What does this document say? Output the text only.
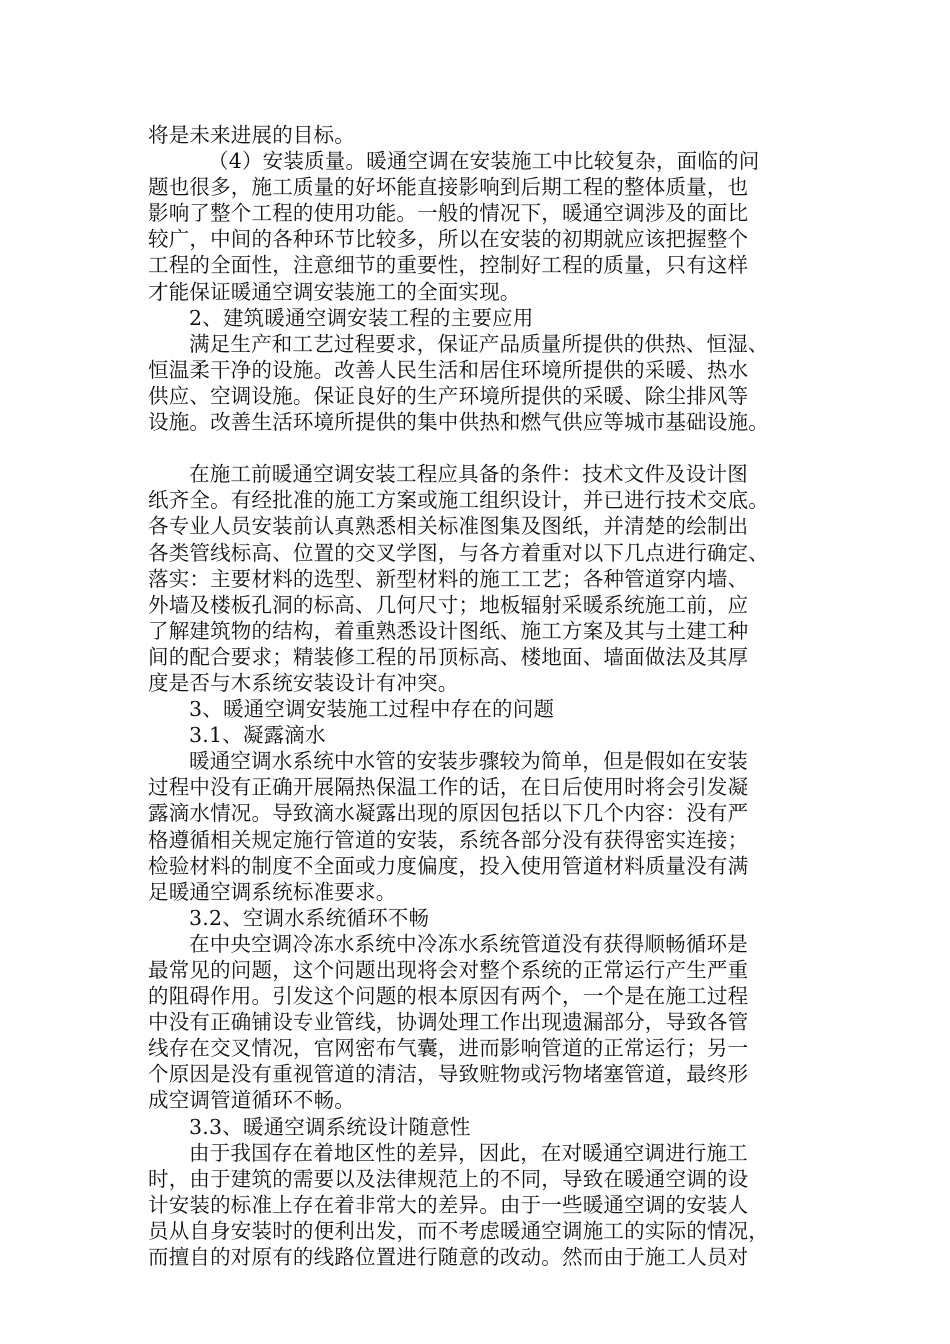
将是未来进展的目标。
（4）安装质量。暖通空调在安装施工中比较复杂，面临的问
题也很多，施工质量的好坏能直接影响到后期工程的整体质量，也
影响了整个工程的使用功能。一般的情况下，暖通空调涉及的面比
较广，中间的各种环节比较多，所以在安装的初期就应该把握整个
工程的全面性，注意细节的重要性，控制好工程的质量，只有这样
才能保证暖通空调安装施工的全面实现。
2、建筑暖通空调安装工程的主要应用
满足生产和工艺过程要求，保证产品质量所提供的供热、恒湿、
恒温柔干净的设施。改善人民生活和居住环境所提供的采暖、热水
供应、空调设施。保证良好的生产环境所提供的采暖、除尘排风等
设施。改善生活环境所提供的集中供热和燃气供应等城市基础设施。
在施工前暖通空调安装工程应具备的条件：技术文件及设计图
纸齐全。有经批准的施工方案或施工组织设计，并已进行技术交底。
各专业人员安装前认真熟悉相关标准图集及图纸，并清楚的绘制出
各类管线标高、位置的交叉学图，与各方着重对以下几点进行确定、
落实：主要材料的选型、新型材料的施工工艺；各种管道穿内墙、
外墙及楼板孔洞的标高、几何尺寸；地板辐射采暖系统施工前，应
了解建筑物的结构，着重熟悉设计图纸、施工方案及其与土建工种
间的配合要求；精装修工程的吊顶标高、楼地面、墙面做法及其厚
度是否与木系统安装设计有冲突。
3、暖通空调安装施工过程中存在的问题
3.1、凝露滴水
暖通空调水系统中水管的安装步骤较为简单，但是假如在安装
过程中没有正确开展隔热保温工作的话，在日后使用时将会引发凝
露滴水情况。导致滴水凝露出现的原因包括以下几个内容：没有严
格遵循相关规定施行管道的安装，系统各部分没有获得密实连接；
检验材料的制度不全面或力度偏度，投入使用管道材料质量没有满
足暖通空调系统标准要求。
3.2、空调水系统循环不畅
在中央空调冷冻水系统中冷冻水系统管道没有获得顺畅循环是
最常见的问题，这个问题出现将会对整个系统的正常运行产生严重
的阻碍作用。引发这个问题的根本原因有两个，一个是在施工过程
中没有正确铺设专业管线，协调处理工作出现遗漏部分，导致各管
线存在交叉情况，官网密布气囊，进而影响管道的正常运行；另一
个原因是没有重视管道的清洁，导致赃物或污物堵塞管道，最终形
成空调管道循环不畅。
3.3、暖通空调系统设计随意性
由于我国存在着地区性的差异，因此，在对暖通空调进行施工
时，由于建筑的需要以及法律规范上的不同，导致在暖通空调的设
计安装的标准上存在着非常大的差异。由于一些暖通空调的安装人
员从自身安装时的便利出发，而不考虑暖通空调施工的实际的情况，
而擅自的对原有的线路位置进行随意的改动。然而由于施工人员对
